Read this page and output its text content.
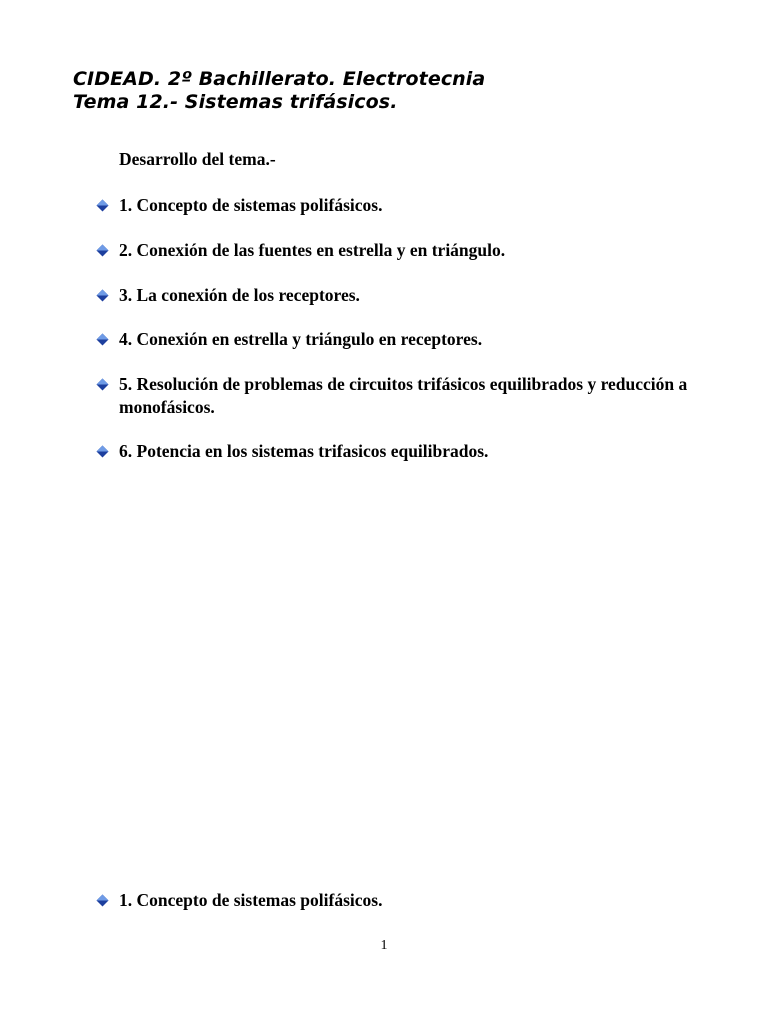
CIDEAD. 2º Bachillerato. Electrotecnia
Tema 12.- Sistemas trifásicos.
Desarrollo del tema.-
1. Concepto de sistemas polifásicos.
2. Conexión de las fuentes en estrella y en triángulo.
3. La conexión de los receptores.
4. Conexión en estrella y triángulo en receptores.
5. Resolución de problemas de circuitos trifásicos equilibrados y reducción a monofásicos.
6. Potencia en los sistemas trifasicos equilibrados.
1. Concepto de sistemas polifásicos.
1
